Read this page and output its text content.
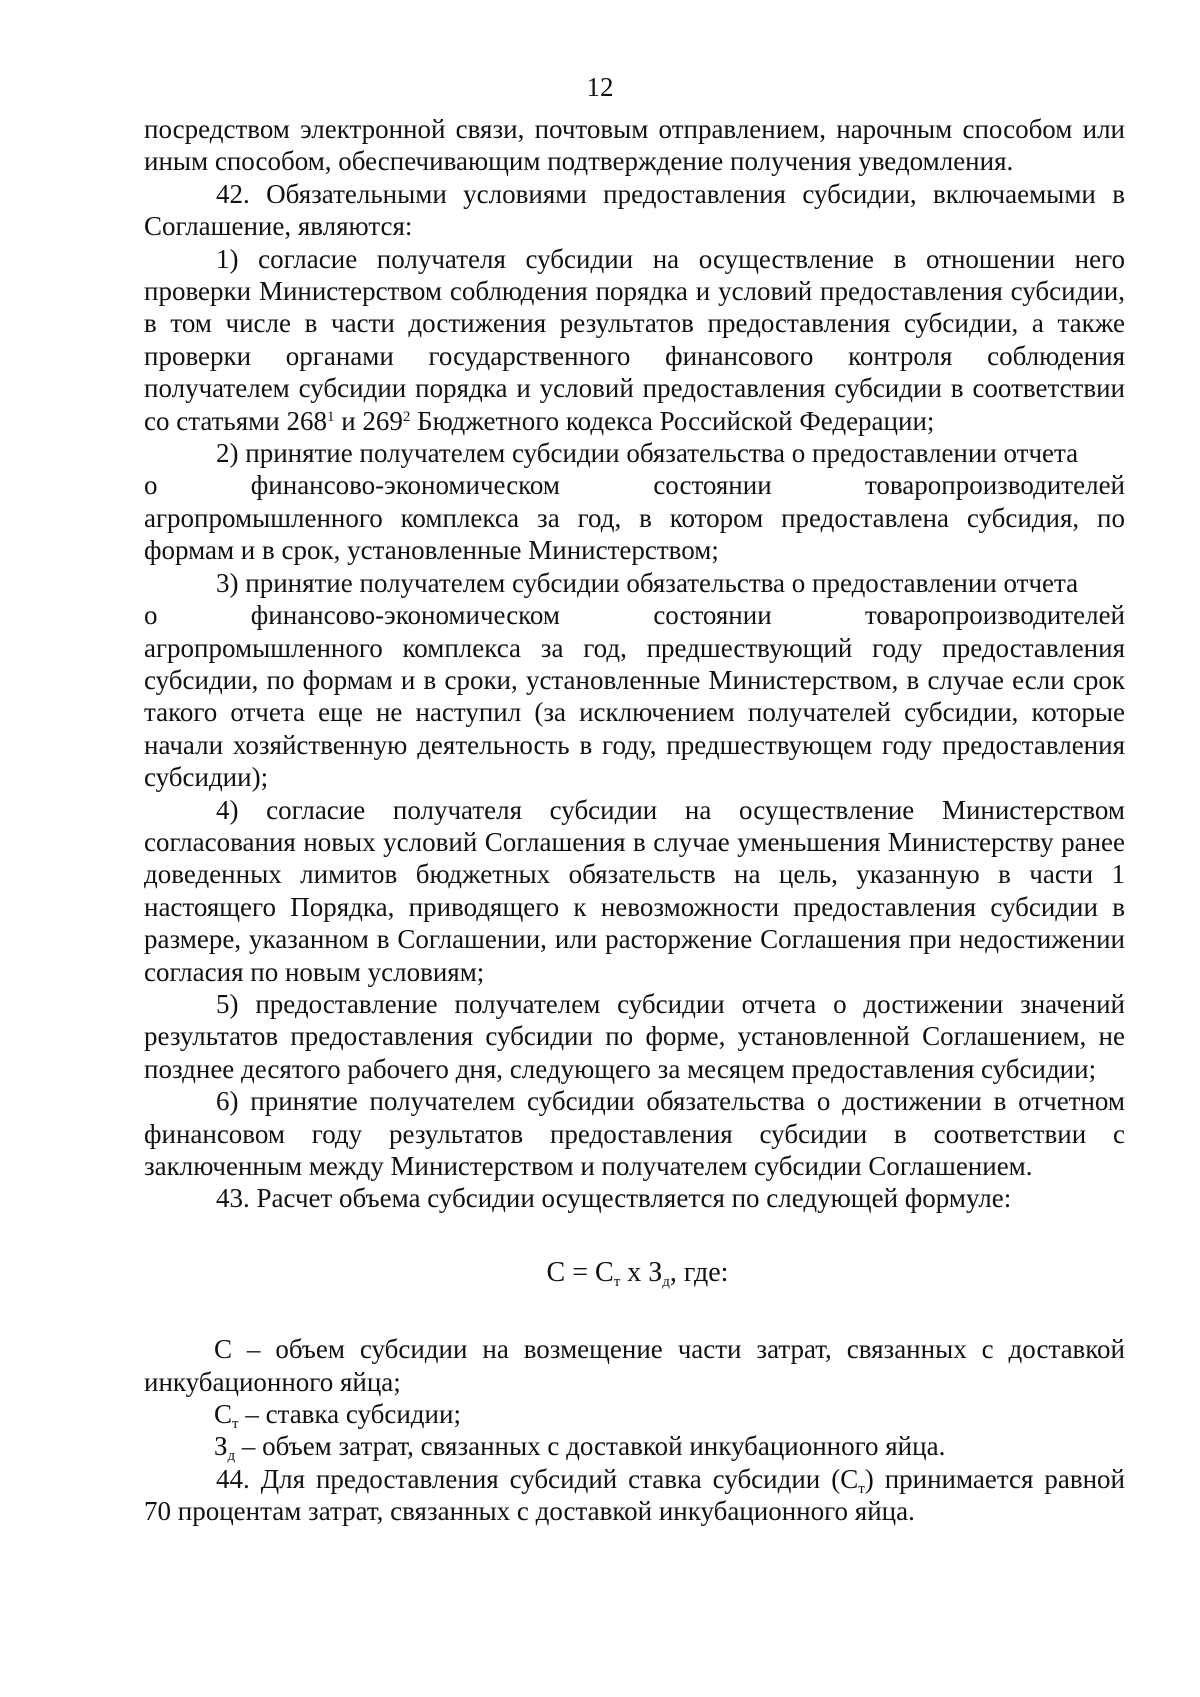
12

посредством электронной связи, почтовым отправлением, нарочным способом или иным способом, обеспечивающим подтверждение получения уведомления.

42. Обязательными условиями предоставления субсидии, включаемыми в Соглашение, являются:

1) согласие получателя субсидии на осуществление в отношении него проверки Министерством соблюдения порядка и условий предоставления субсидии, в том числе в части достижения результатов предоставления субсидии, а также проверки органами государственного финансового контроля соблюдения получателем субсидии порядка и условий предоставления субсидии в соответствии со статьями $268^1$ и $269^2$ Бюджетного кодекса Российской Федерации;

2) принятие получателем субсидии обязательства о предоставлении отчета

о	финансово-экономическом	состоянии	товаропроизводителей

агропромышленного комплекса за год, в котором предоставлена субсидия, по формам и в срок, установленные Министерством;

3) принятие получателем субсидии обязательства о предоставлении отчета

о	финансово-экономическом	состоянии	товаропроизводителей

агропромышленного комплекса за год, предшествующий году предоставления субсидии, по формам и в сроки, установленные Министерством, в случае если срок такого отчета еще не наступил (за исключением получателей субсидии, которые начали хозяйственную деятельность в году, предшествующем году предоставления субсидии);

4) согласие получателя субсидии на осуществление Министерством согласования новых условий Соглашения в случае уменьшения Министерству ранее доведенных лимитов бюджетных обязательств на цель, указанную в части 1 настоящего Порядка, приводящего к невозможности предоставления субсидии в размере, указанном в Соглашении, или расторжение Соглашения при недостижении согласия по новым условиям;

5) предоставление получателем субсидии отчета о достижении значений результатов предоставления субсидии по форме, установленной Соглашением, не позднее десятого рабочего дня, следующего за месяцем предоставления субсидии;

6) принятие получателем субсидии обязательства о достижении в отчетном финансовом году результатов предоставления субсидии в соответствии с заключенным между Министерством и получателем субсидии Соглашением.

43. Расчет объема субсидии осуществляется по следующей формуле:

$С = С_т$ х $З_д$, где:

С – объем субсидии на возмещение части затрат, связанных с доставкой инкубационного яйца;

$С_т$ – ставка субсидии;

$З_д$ – объем затрат, связанных с доставкой инкубационного яйца.

44. Для предоставления субсидий ставка субсидии $(С_т)$ принимается равной 70 процентам затрат, связанных с доставкой инкубационного яйца.
